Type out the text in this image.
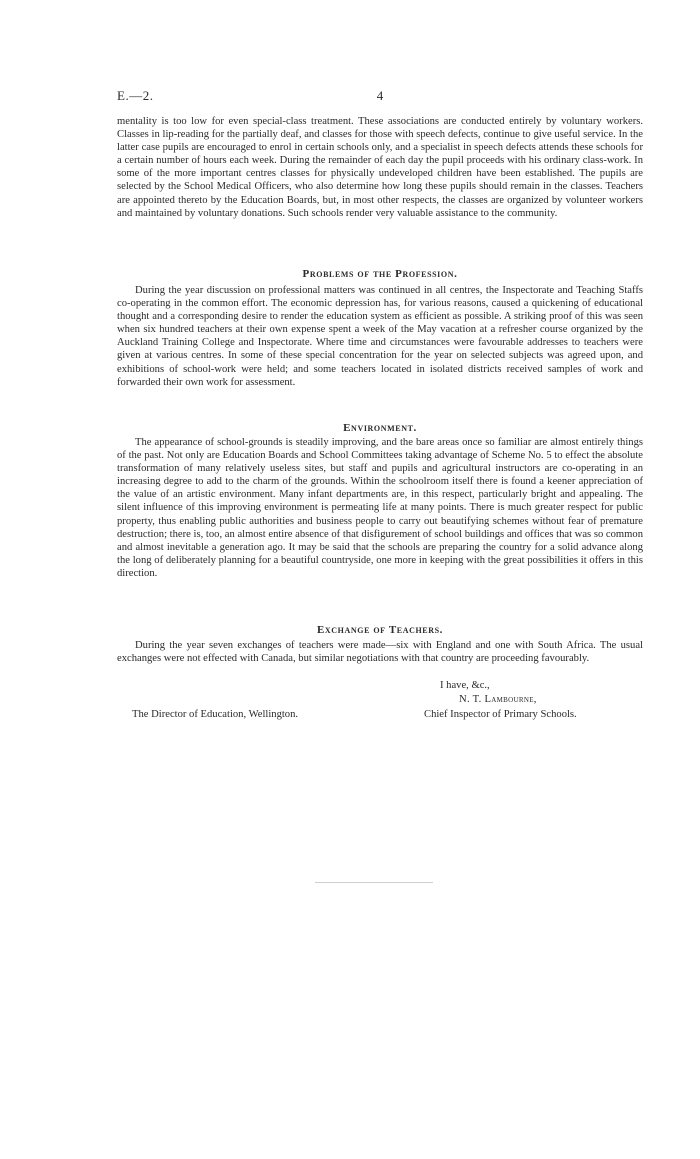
E.—2.	4

mentality is too low for even special-class treatment. These associations are conducted entirely by voluntary workers. Classes in lip-reading for the partially deaf, and classes for those with speech defects, continue to give useful service. In the latter case pupils are encouraged to enrol in certain schools only, and a specialist in speech defects attends these schools for a certain number of hours each week. During the remainder of each day the pupil proceeds with his ordinary class-work. In some of the more important centres classes for physically undeveloped children have been established. The pupils are selected by the School Medical Officers, who also determine how long these pupils should remain in the classes. Teachers are appointed thereto by the Education Boards, but, in most other respects, the classes are organized by volunteer workers and maintained by voluntary donations. Such schools render very valuable assistance to the community.

Problems of the Profession.

During the year discussion on professional matters was continued in all centres, the Inspectorate and Teaching Staffs co-operating in the common effort. The economic depression has, for various reasons, caused a quickening of educational thought and a corresponding desire to render the education system as efficient as possible. A striking proof of this was seen when six hundred teachers at their own expense spent a week of the May vacation at a refresher course organized by the Auckland Training College and Inspectorate. Where time and circumstances were favourable addresses to teachers were given at various centres. In some of these special concentration for the year on selected subjects was agreed upon, and exhibitions of school-work were held; and some teachers located in isolated districts received samples of work and forwarded their own work for assessment.

Environment.

The appearance of school-grounds is steadily improving, and the bare areas once so familiar are almost entirely things of the past. Not only are Education Boards and School Committees taking advantage of Scheme No. 5 to effect the absolute transformation of many relatively useless sites, but staff and pupils and agricultural instructors are co-operating in an increasing degree to add to the charm of the grounds. Within the schoolroom itself there is found a keener appreciation of the value of an artistic environment. Many infant departments are, in this respect, particularly bright and appealing. The silent influence of this improving environment is permeating life at many points. There is much greater respect for public property, thus enabling public authorities and business people to carry out beautifying schemes without fear of premature destruction; there is, too, an almost entire absence of that disfigurement of school buildings and offices that was so common and almost inevitable a generation ago. It may be said that the schools are preparing the country for a solid advance along the long of deliberately planning for a beautiful countryside, one more in keeping with the great possibilities it offers in this direction.

Exchange of Teachers.

During the year seven exchanges of teachers were made—six with England and one with South Africa. The usual exchanges were not effected with Canada, but similar negotiations with that country are proceeding favourably.

I have, &c.,
N. T. Lambourne,
The Director of Education, Wellington.	Chief Inspector of Primary Schools.
